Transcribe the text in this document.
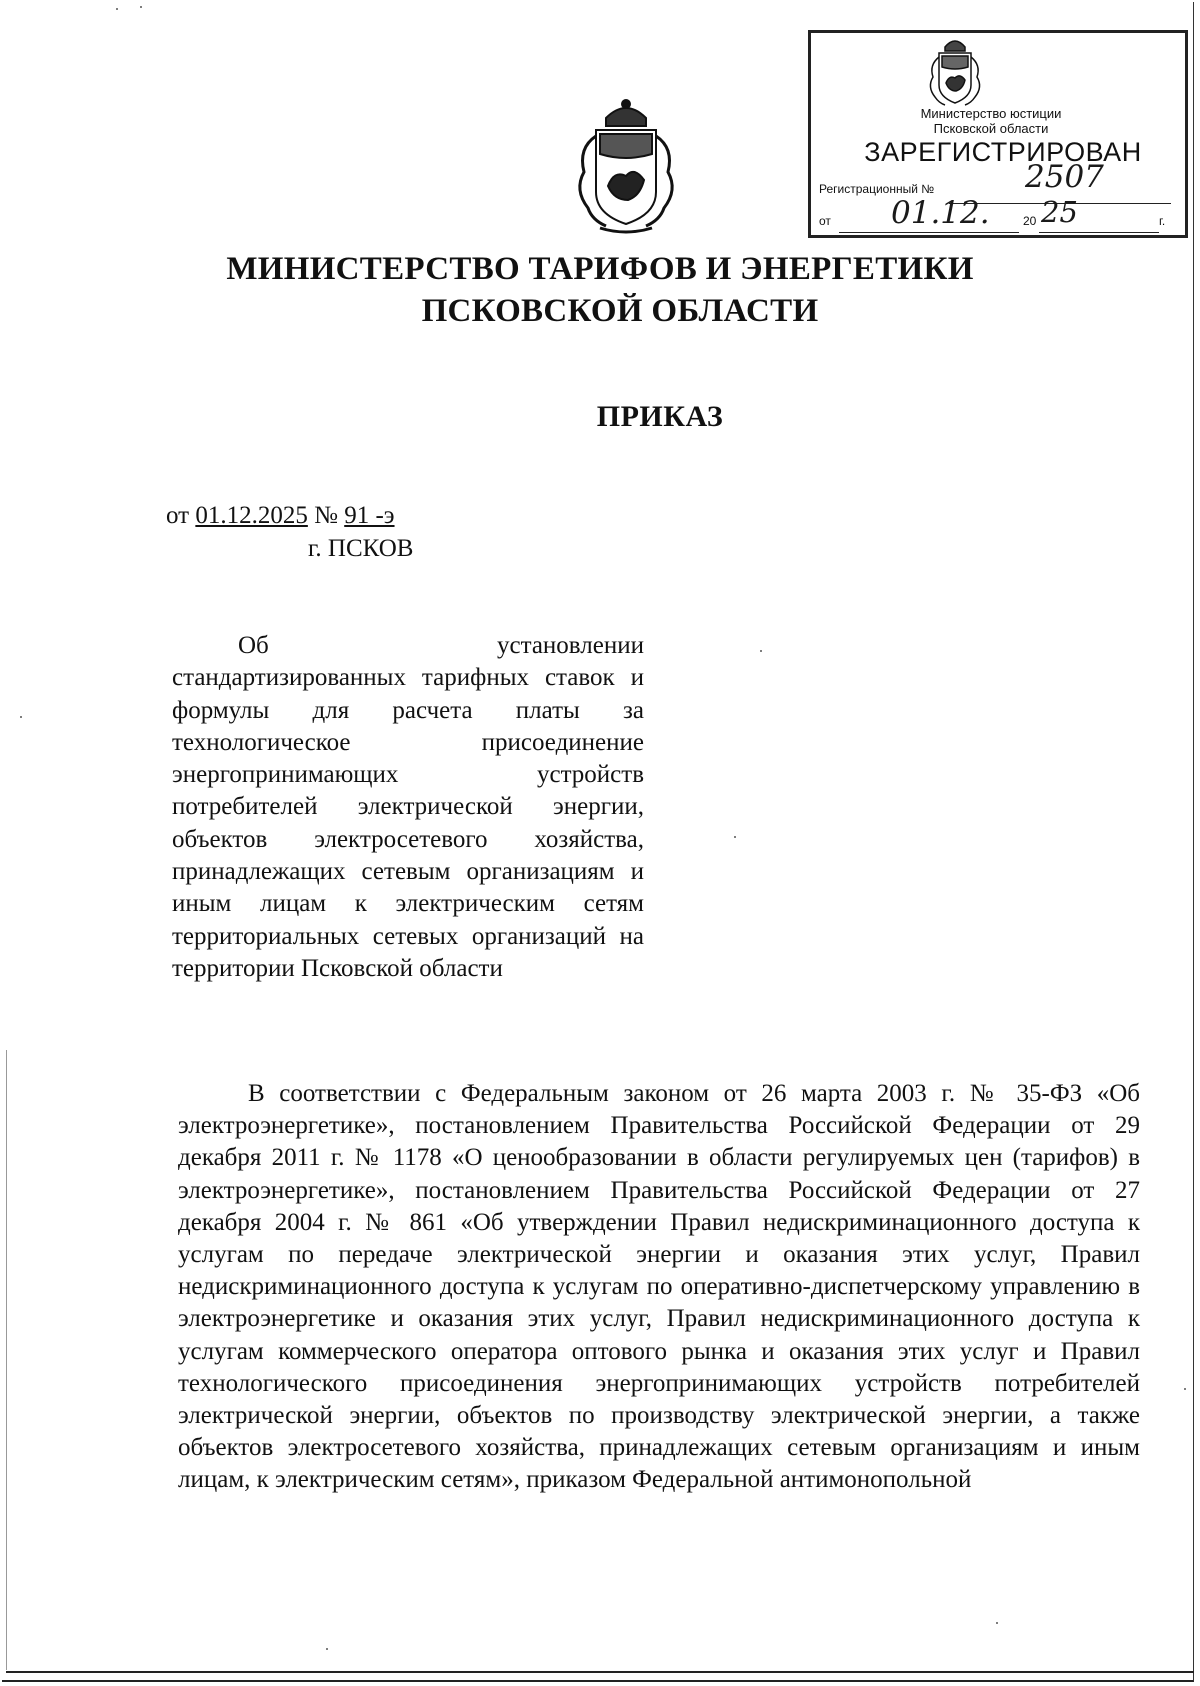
Министерство юстиции
Псковской области
ЗАРЕГИСТРИРОВАН
Регистрационный №	2507
от 01.12.	20 25	г.
МИНИСТЕРСТВО ТАРИФОВ И ЭНЕРГЕТИКИ
ПСКОВСКОЙ ОБЛАСТИ
ПРИКАЗ
от 01.12.2025 № 91 -э
г. ПСКОВ
Об установлении стандартизированных тарифных ставок и формулы для расчета платы за технологическое присоединение энергопринимающих устройств потребителей электрической энергии, объектов электросетевого хозяйства, принадлежащих сетевым организациям и иным лицам к электрическим сетям территориальных сетевых организаций на территории Псковской области

В соответствии с Федеральным законом от 26 марта 2003 г. № 35-ФЗ «Об электроэнергетике», постановлением Правительства Российской Федерации от 29 декабря 2011 г. № 1178 «О ценообразовании в области регулируемых цен (тарифов) в электроэнергетике», постановлением Правительства Российской Федерации от 27 декабря 2004 г. № 861 «Об утверждении Правил недискриминационного доступа к услугам по передаче электрической энергии и оказания этих услуг, Правил недискриминационного доступа к услугам по оперативно-диспетчерскому управлению в электроэнергетике и оказания этих услуг, Правил недискриминационного доступа к услугам коммерческого оператора оптового рынка и оказания этих услуг и Правил технологического присоединения энергопринимающих устройств потребителей электрической энергии, объектов по производству электрической энергии, а также объектов электросетевого хозяйства, принадлежащих сетевым организациям и иным лицам, к электрическим сетям», приказом Федеральной антимонопольной
